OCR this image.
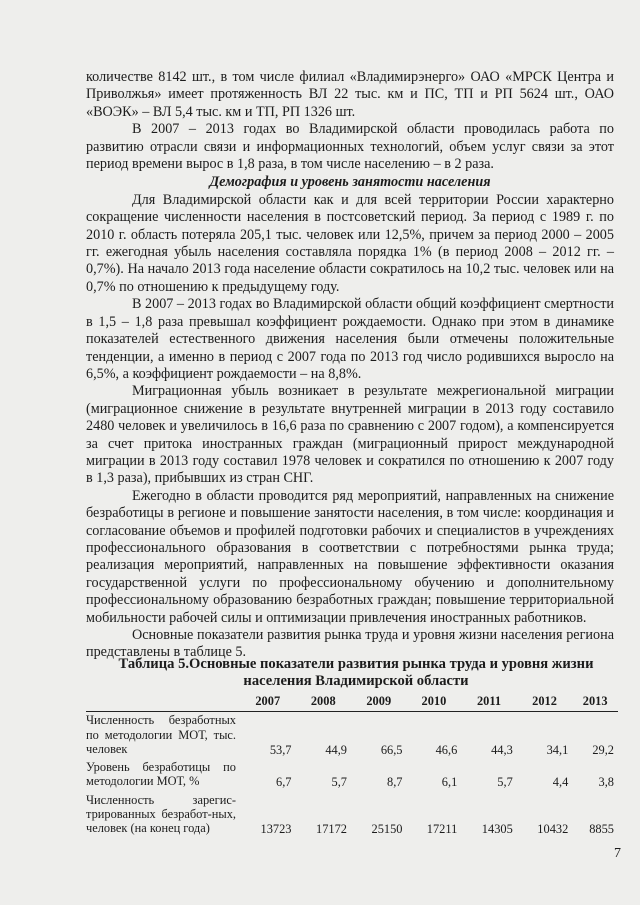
количестве 8142 шт., в том числе филиал «Владимирэнерго» ОАО «МРСК Центра и Приволжья» имеет протяженность ВЛ 22 тыс. км и ПС, ТП и РП 5624 шт., ОАО «ВОЭК» – ВЛ 5,4 тыс. км и ТП, РП 1326 шт.

В 2007 – 2013 годах во Владимирской области проводилась работа по развитию отрасли связи и информационных технологий, объем услуг связи за этот период времени вырос в 1,8 раза, в том числе населению – в 2 раза.

Демография и уровень занятости населения

Для Владимирской области как и для всей территории России характерно сокращение численности населения в постсоветский период. За период с 1989 г. по 2010 г. область потеряла 205,1 тыс. человек или 12,5%, причем за период 2000 – 2005 гг. ежегодная убыль населения составляла порядка 1% (в период 2008 – 2012 гг. – 0,7%). На начало 2013 года население области сократилось на 10,2 тыс. человек или на 0,7% по отношению к предыдущему году.

В 2007 – 2013 годах во Владимирской области общий коэффициент смертности в 1,5 – 1,8 раза превышал коэффициент рождаемости. Однако при этом в динамике показателей естественного движения населения были отмечены положительные тенденции, а именно в период с 2007 года по 2013 год число родившихся выросло на 6,5%, а коэффициент рождаемости – на 8,8%.

Миграционная убыль возникает в результате межрегиональной миграции (миграционное снижение в результате внутренней миграции в 2013 году составило 2480 человек и увеличилось в 16,6 раза по сравнению с 2007 годом), а компенсируется за счет притока иностранных граждан (миграционный прирост международной миграции в 2013 году составил 1978 человек и сократился по отношению к 2007 году в 1,3 раза), прибывших из стран СНГ.

Ежегодно в области проводится ряд мероприятий, направленных на снижение безработицы в регионе и повышение занятости населения, в том числе: координация и согласование объемов и профилей подготовки рабочих и специалистов в учреждениях профессионального образования в соответствии с потребностями рынка труда; реализация мероприятий, направленных на повышение эффективности оказания государственной услуги по профессиональному обучению и дополнительному профессиональному образованию безработных граждан; повышение территориальной мобильности рабочей силы и оптимизации привлечения иностранных работников.

Основные показатели развития рынка труда и уровня жизни населения региона представлены в таблице 5.

Таблица 5.Основные показатели развития рынка труда и уровня жизни населения Владимирской области
	2007	2008	2009	2010	2011	2012	2013
Численность безработных по методологии МОТ, тыс. человек	53,7	44,9	66,5	46,6	44,3	34,1	29,2
Уровень безработицы по методологии МОТ, %	6,7	5,7	8,7	6,1	5,7	4,4	3,8
Численность зарегис-трированных безработ-ных, человек (на конец года)	13723	17172	25150	17211	14305	10432	8855
7
